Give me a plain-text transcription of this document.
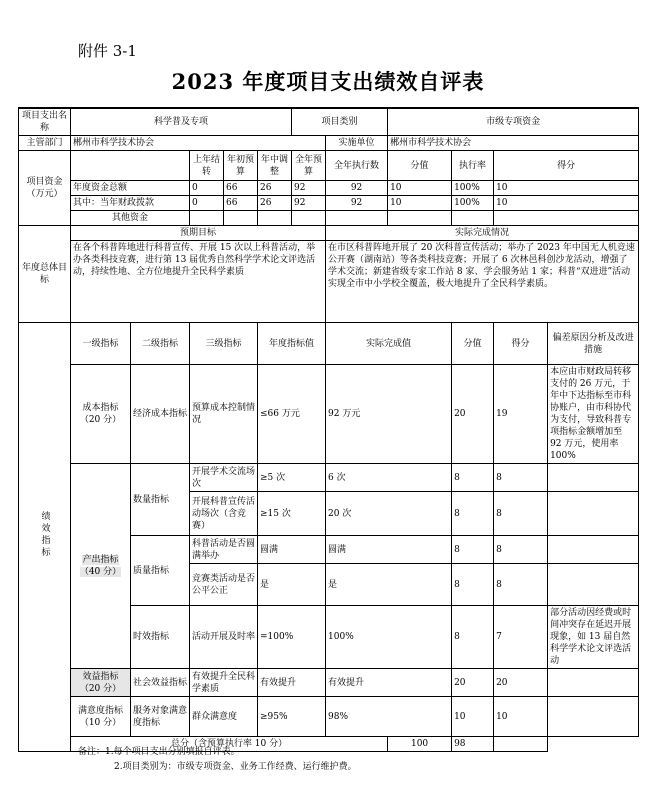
附件 3-1
2023 年度项目支出绩效自评表
项目支出名称	科学普及专项					项目类别		市级专项资金			
主管部门	郴州市科学技术协会						实施单位	郴州市科学技术协会			
项目资金（万元）			上年结转	年初预算	年中调整	全年预算	全年执行数	分值	执行率	得分	
	年度资金总额		0	66	26	92	92	10	100%	10	
	其中：当年财政拨款		0	66	26	92	92	10	100%	10	
	其他资金										
年度总体目标	预期目标						实际完成情况				
	在各个科普阵地进行科普宣传、开展 15 次以上科普活动，举办各类科技竞赛，进行第 13 届优秀自然科学学术论文评选活动，持续性地、全方位地提升全民科学素质						在市区科普阵地开展了 20 次科普宣传活动；举办了 2023 年中国无人机竞速公开赛（湖南站）等各类科技竞赛；开展了 6 次林邑科创沙龙活动，增强了学术交流；新建省级专家工作站 8 家、学会服务站 1 家；科普“双进进”活动实现全市中小学校全覆盖，极大地提升了全民科学素质。				
绩效指标	一级指标	二级指标	三级指标		年度指标值		实际完成值		分值	得分	偏差原因分析及改进措施
	成本指标（20 分）	经济成本指标	预算成本控制情况		≤66 万元		92 万元		20	19	本应由市财政局转移支付的 26 万元，于年中下达指标至市科协账户，由市科协代为支付，导致科普专项指标金额增加至 92 万元，使用率 100%
	产出指标（40 分）	数量指标	开展学术交流场次		≥5 次		6 次		8	8	
			开展科普宣传活动场次（含竞赛）		≥15 次		20 次		8	8	
		质量指标	科普活动是否圆满举办		圆满		圆满		8	8	
			竞赛类活动是否公平公正		是		是		8	8	
		时效指标	活动开展及时率		=100%		100%		8	7	部分活动因经费或时间冲突存在延迟开展现象，如 13 届自然科学学术论文评选活动
	效益指标（20 分）	社会效益指标	有效提升全民科学素质		有效提升		有效提升		20	20	
	满意度指标（10 分）	服务对象满意度指标	群众满意度		≥95%		98%		10	10	
	总分（含预算执行率 10 分）							100	98		
备注：1.每个项目支出分别填报自评表。
2.项目类别为：市级专项资金、业务工作经费、运行维护费。
